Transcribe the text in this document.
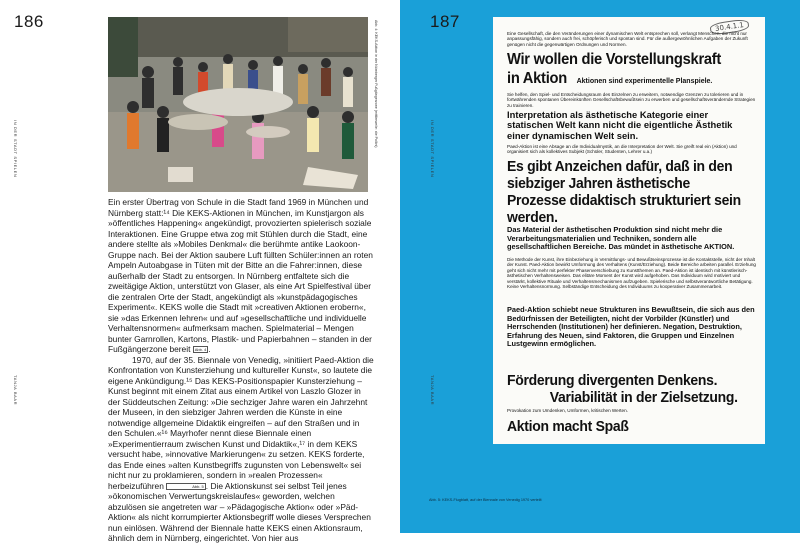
186
IN DER STADT SPIELEN
TANJA BAAR
Abb. 4: KEKS-Aktion in der Nürnberger Fußgängerzone (mittlerweile: die Pollini)

Ein erster Übertrag von Schule in die Stadt fand 1969 in München und Nürnberg statt:¹⁴ Die KEKS-Aktionen in München, im Kunstjargon als »öffentliches Happening« angekündigt, provozierten spielerisch soziale Interaktionen. Eine Gruppe etwa zog mit Stühlen durch die Stadt, eine andere stellte als »Mobiles Denkmal« die berühmte antike Laokoon-Gruppe nach. Bei der Aktion saubere Luft füllten Schüler:innen an roten Ampeln Autoabgase in Tüten mit der Bitte an die Fahrer:innen, diese außerhalb der Stadt zu entsorgen. In Nürnberg entfaltete sich die zweitägige Aktion, unterstützt von Glaser, als eine Art Spielfestival über die zentralen Orte der Stadt, angekündigt als »kunstpädagogisches Experiment«. KEKS wolle die Stadt mit »creativen Aktionen erobern«, sie »das Erkennen lehren« und auf »gesellschaftliche und individuelle Verhaltensnormen« aufmerksam machen. Spielmaterial – Mengen bunter Garnrollen, Kartons, Plastik- und Papierbahnen – standen in der Fußgängerzone bereit Abb. 4 .

1970, auf der 35. Biennale von Venedig, »initiiert Paed-Aktion die Konfrontation von Kunsterziehung und kultureller Kunst«, so lautete die eigene Ankündigung.¹⁵ Das KEKS-Positionspapier Kunsterziehung – Kunst beginnt mit einem Zitat aus einem Artikel von Laszlo Glozer in der Süddeutschen Zeitung: »Die sechziger Jahre waren ein Jahrzehnt der Museen, in den siebziger Jahren werden die Künste in eine notwendige allgemeine Didaktik eingreifen – auf den Straßen und in den Schulen.«¹⁶ Mayrhofer nennt diese Biennale einen »Experimentierraum zwischen Kunst und Didaktik«,¹⁷ in dem KEKS versucht habe, »innovative Markierungen« zu setzen. KEKS forderte, das Ende eines »alten Kunstbegriffs zugunsten von Lebenswelt« sei nicht nur zu proklamieren, sondern in »realen Prozessen« herbeizuführen	Abb. 5 . Die Aktionskunst sei selbst Teil jenes »ökonomischen Verwertungskreislaufes« geworden, welchen abzulösen sie angetreten war – »Pädagogische Aktion« oder »Päd-Aktion« als nicht korrumpierter Aktionsbegriff wolle dieses Versprechen nun einlösen. Während der Biennale hatte KEKS einen Aktionsraum, ähnlich dem in Nürnberg, eingerichtet. Von hier aus

187
IN DER STADT SPIELEN
TANJA BAAR
30.4.1.1
Eine Gesellschaft, die den Veränderungen einer dynamischen Welt entsprechen soll, verlangt Menschen, die nicht nur anpassungsfähig, sondern auch frei, schöpferisch und spontan sind. Für die außergewöhnlichen Aufgaben der Zukunft genügen nicht die gegenwärtigen Ordnungen und Normen.
Wir wollen die Vorstellungskraft
in Aktion Aktionen sind experimentelle Planspiele.
Sie helfen, den Spiel- und Entscheidungsraum des Einzelnen zu erweitern, notwendige Grenzen zu tolerieren und in fortwährenden spontanen Übereinkünften Gesellschaftsbewußtsein zu erwerben und gesellschaftsverändernde Strategien zu trainieren.
Interpretation als ästhetische Kategorie einer statischen Welt kann nicht die eigentliche Ästhetik einer dynamischen Welt sein.
Paed-Aktion ist eine Absage an die Individualmystik, an die Interpretation der Welt. Sie greift real ein (Aktion) und organisiert sich als kollektives Subjekt (Schüler, Studenten, Lehrer u.a.)
Es gibt Anzeichen dafür, daß in den siebziger Jahren ästhetische Prozesse didaktisch strukturiert sein werden.
Das Material der ästhetischen Produktion sind nicht mehr die Verarbeitungsmaterialien und Techniken, sondern alle gesellschaftlichen Bereiche. Das mündet in ästhetische AKTION.
Die Methode der Kunst, ihre Einbeziehung in Vermittlungs- und Bewußtseinsprozesse ist die Kontaktstelle, nicht der Inhalt der Kunst. Paed-Aktion bewirkt Umformung des Verhaltens (Kunst/Erziehung). Beide Bereiche arbeiten parallel. Erziehung geht sich nicht mehr mit perfekter Phasenverschiebung zu Kunstthemen an. Paed-Aktion ist identisch mit künstlerisch-ästhetischen Verhaltensweisen. Das elitäre Moment der Kunst wird aufgehoben. Das Individuum wird motiviert und verstärkt, kollektive Rituale und Verhaltensmechanismen aufzugeben. Spielerische und selbstverantwortliche Betätigung. Keine Verhaltensnormung. Selbständige Entscheidung des Individuums zu kooperativer Zusammenarbeit.
Paed-Aktion schiebt neue Strukturen ins Bewußtsein, die sich aus den Bedürfnissen der Beteiligten, nicht der Vorbilder (Künstler) und Herrschenden (Institutionen) her definieren. Negation, Destruktion, Erfahrung des Neuen, sind Faktoren, die Gruppen und Einzelnen Lustgewinn ermöglichen.
Förderung divergenten Denkens.
Variabilität in der Zielsetzung.
Provokation zum Umdenken, Umformen, kritischen Werten.
Aktion macht Spaß
Abb. 5: KEKS-Flugblatt, auf der Biennale von Venedig 1970 verteilt
